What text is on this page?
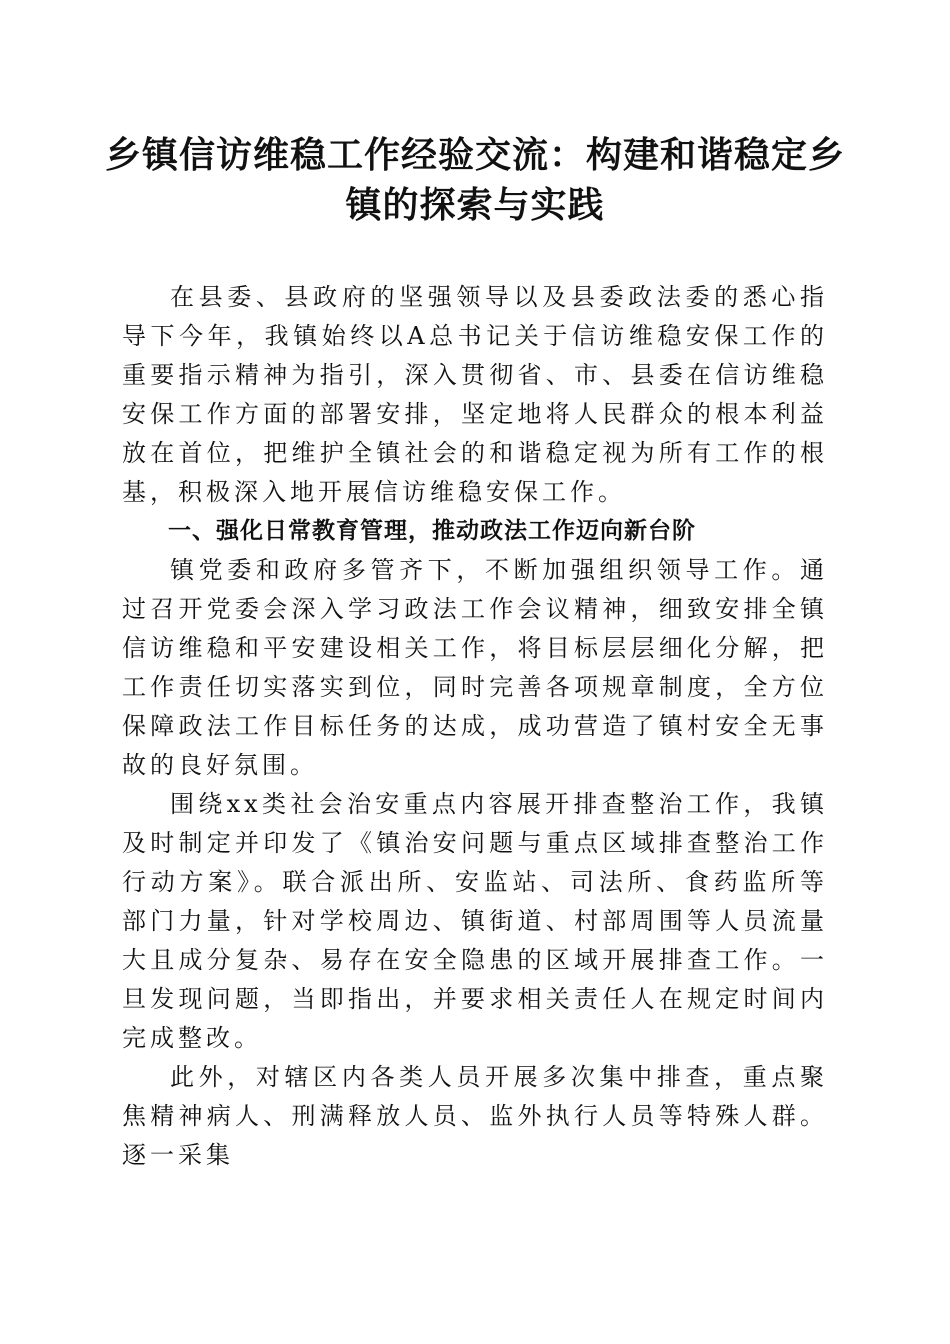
乡镇信访维稳工作经验交流：构建和谐稳定乡镇的探索与实践

在县委、县政府的坚强领导以及县委政法委的悉心指导下今年，我镇始终以A总书记关于信访维稳安保工作的重要指示精神为指引，深入贯彻省、市、县委在信访维稳安保工作方面的部署安排，坚定地将人民群众的根本利益放在首位，把维护全镇社会的和谐稳定视为所有工作的根基，积极深入地开展信访维稳安保工作。

一、强化日常教育管理，推动政法工作迈向新台阶

镇党委和政府多管齐下，不断加强组织领导工作。通过召开党委会深入学习政法工作会议精神，细致安排全镇信访维稳和平安建设相关工作，将目标层层细化分解，把工作责任切实落实到位，同时完善各项规章制度，全方位保障政法工作目标任务的达成，成功营造了镇村安全无事故的良好氛围。

围绕xx类社会治安重点内容展开排查整治工作，我镇及时制定并印发了《镇治安问题与重点区域排查整治工作行动方案》。联合派出所、安监站、司法所、食药监所等部门力量，针对学校周边、镇街道、村部周围等人员流量大且成分复杂、易存在安全隐患的区域开展排查工作。一旦发现问题，当即指出，并要求相关责任人在规定时间内完成整改。

此外，对辖区内各类人员开展多次集中排查，重点聚焦精神病人、刑满释放人员、监外执行人员等特殊人群。逐一采集
